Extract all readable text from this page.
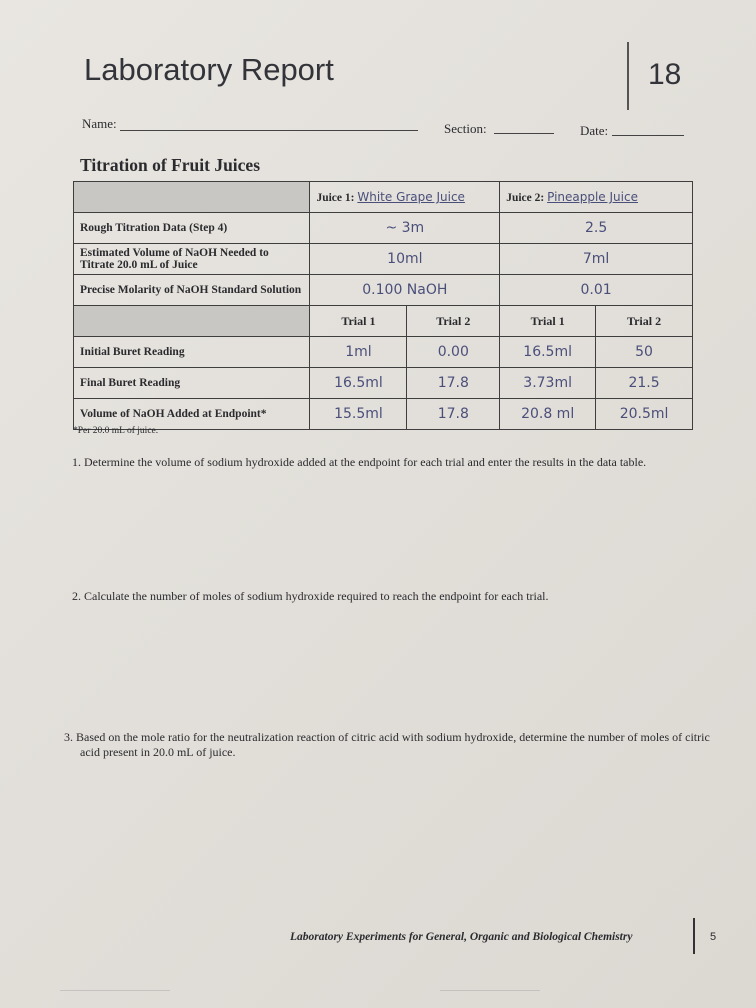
Laboratory Report	18
Name:	Section:	Date:
Titration of Fruit Juices
	Juice 1: White Grape Juice		Juice 2: Pineapple Juice	
Rough Titration Data (Step 4)	~ 3m		2.5	
Estimated Volume of NaOH Needed to Titrate 20.0 mL of Juice	10ml		7ml	
Precise Molarity of NaOH Standard Solution	0.100 NaOH		0.01	
	Trial 1	Trial 2	Trial 1	Trial 2
Initial Buret Reading	1ml	0.00	16.5ml	50
Final Buret Reading	16.5ml	17.8	3.73ml	21.5
Volume of NaOH Added at Endpoint*	15.5ml	17.8	20.8 ml	20.5ml
*Per 20.0 mL of juice.
1. Determine the volume of sodium hydroxide added at the endpoint for each trial and enter the results in the data table.
2. Calculate the number of moles of sodium hydroxide required to reach the endpoint for each trial.
3. Based on the mole ratio for the neutralization reaction of citric acid with sodium hydroxide, determine the number of moles of citric acid present in 20.0 mL of juice.
Laboratory Experiments for General, Organic and Biological Chemistry	5
